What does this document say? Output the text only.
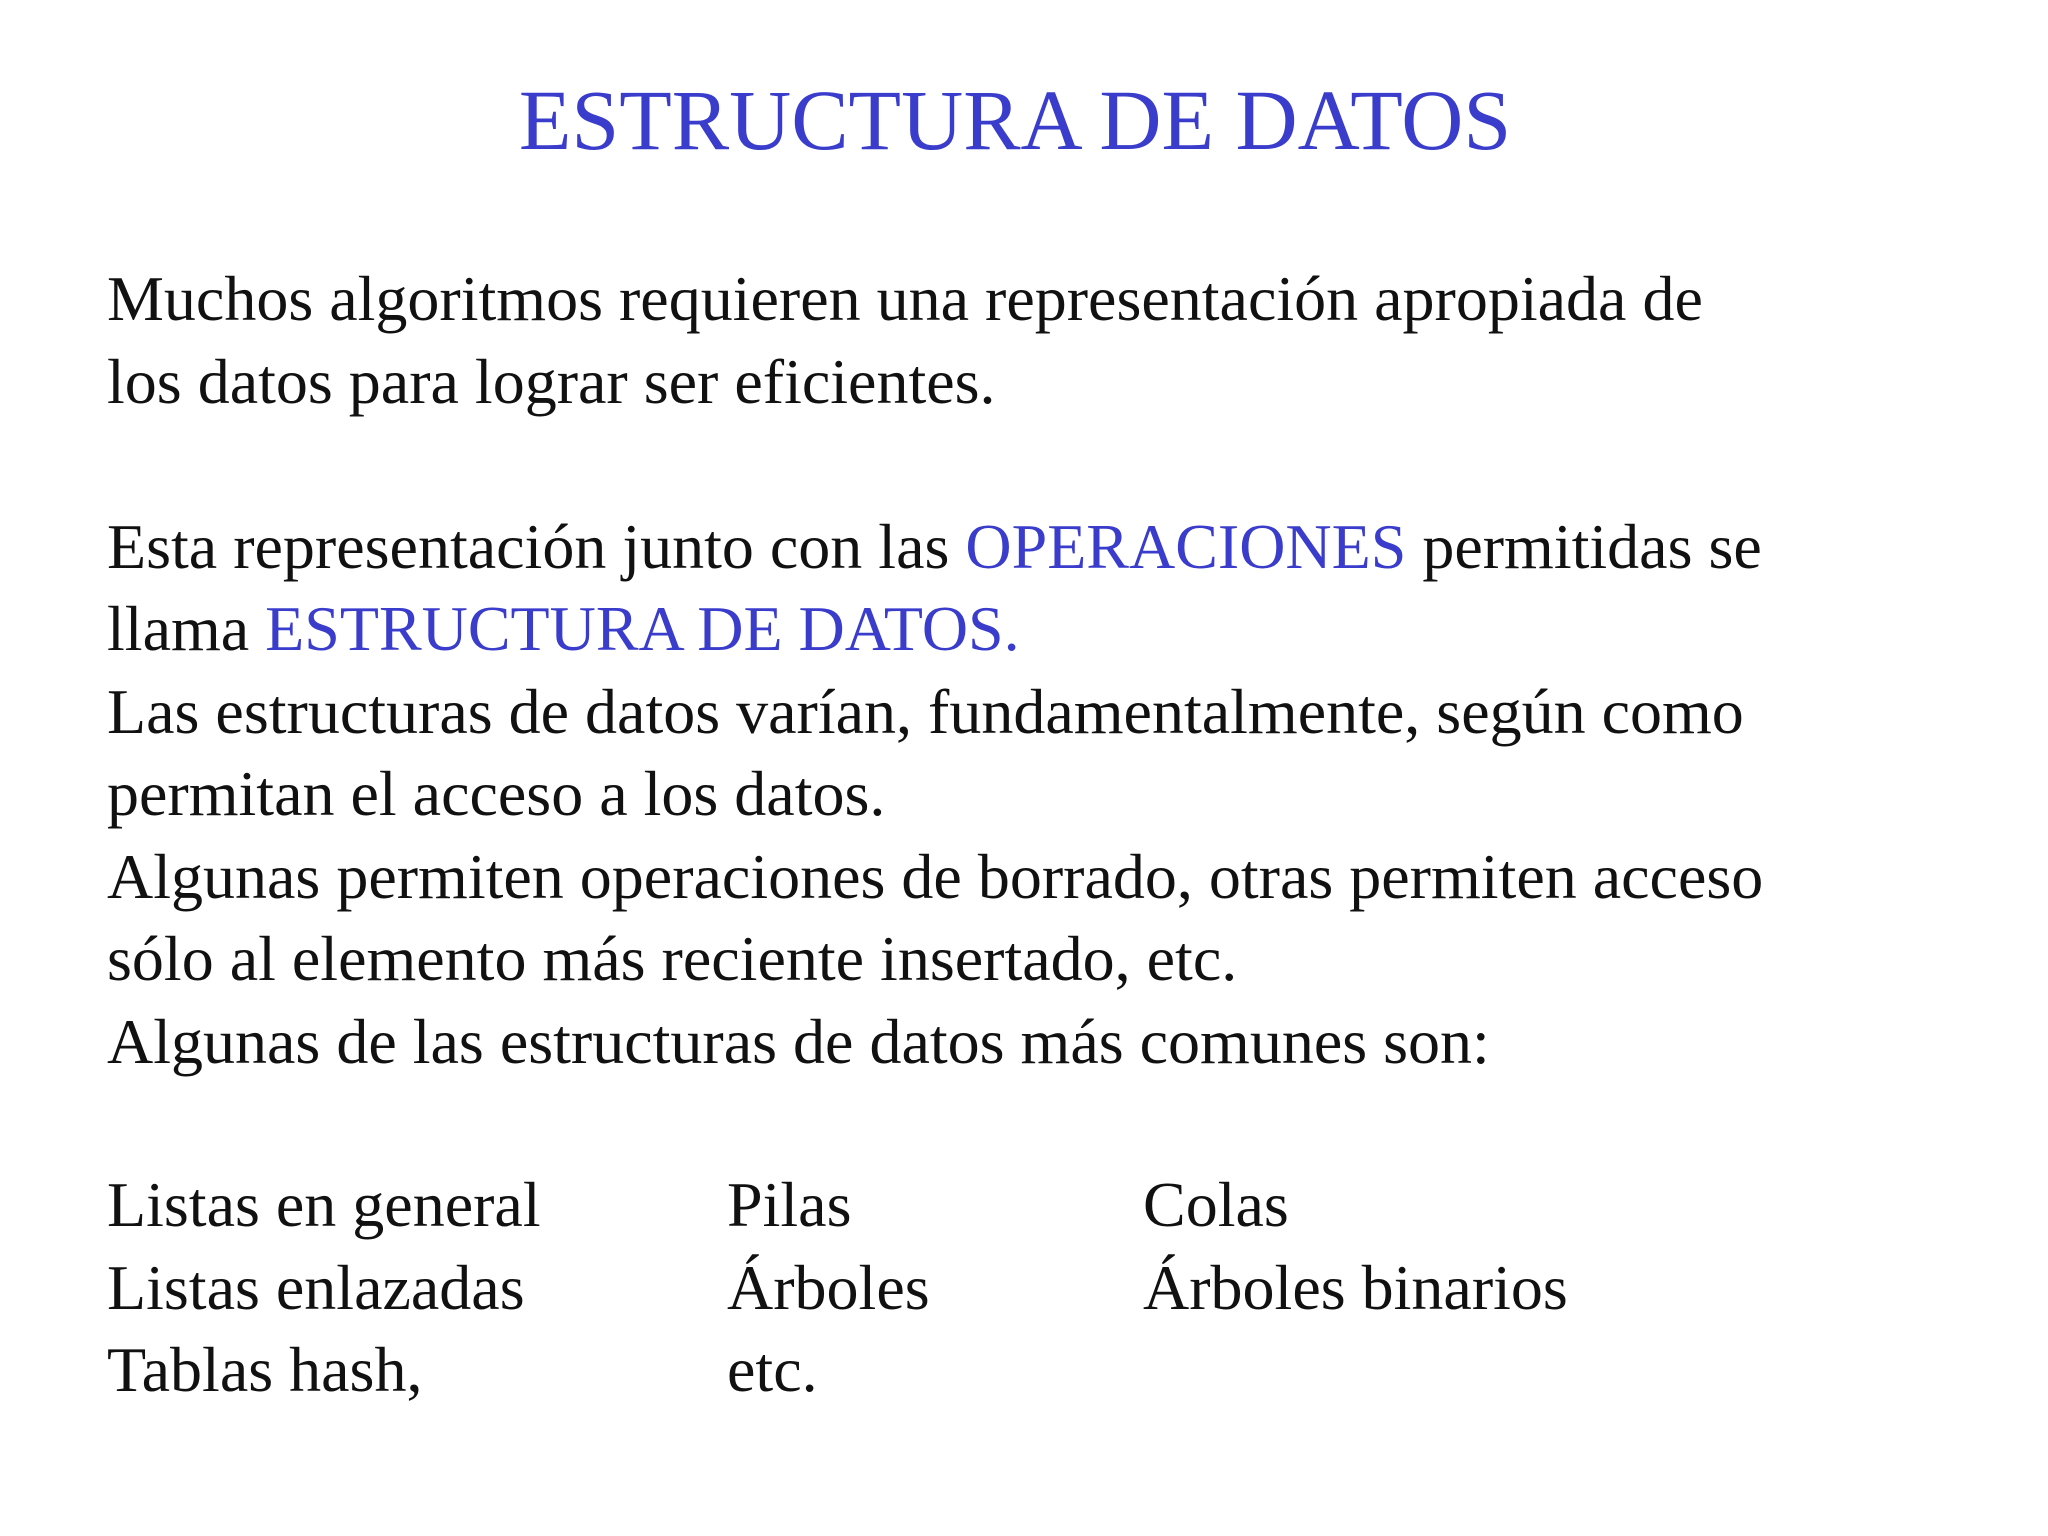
ESTRUCTURA DE DATOS

Muchos algoritmos requieren una representación apropiada de

los datos para lograr ser eficientes.

Esta representación junto con las OPERACIONES permitidas se

llama ESTRUCTURA DE DATOS.

Las estructuras de datos varían, fundamentalmente, según como

permitan el acceso a los datos.

Algunas permiten operaciones de borrado, otras permiten acceso

sólo al elemento más reciente insertado, etc.

Algunas de las estructuras de datos más comunes son:

Listas en general	Pilas	Colas
Listas enlazadas	Árboles	Árboles binarios
Tablas hash,	etc.
